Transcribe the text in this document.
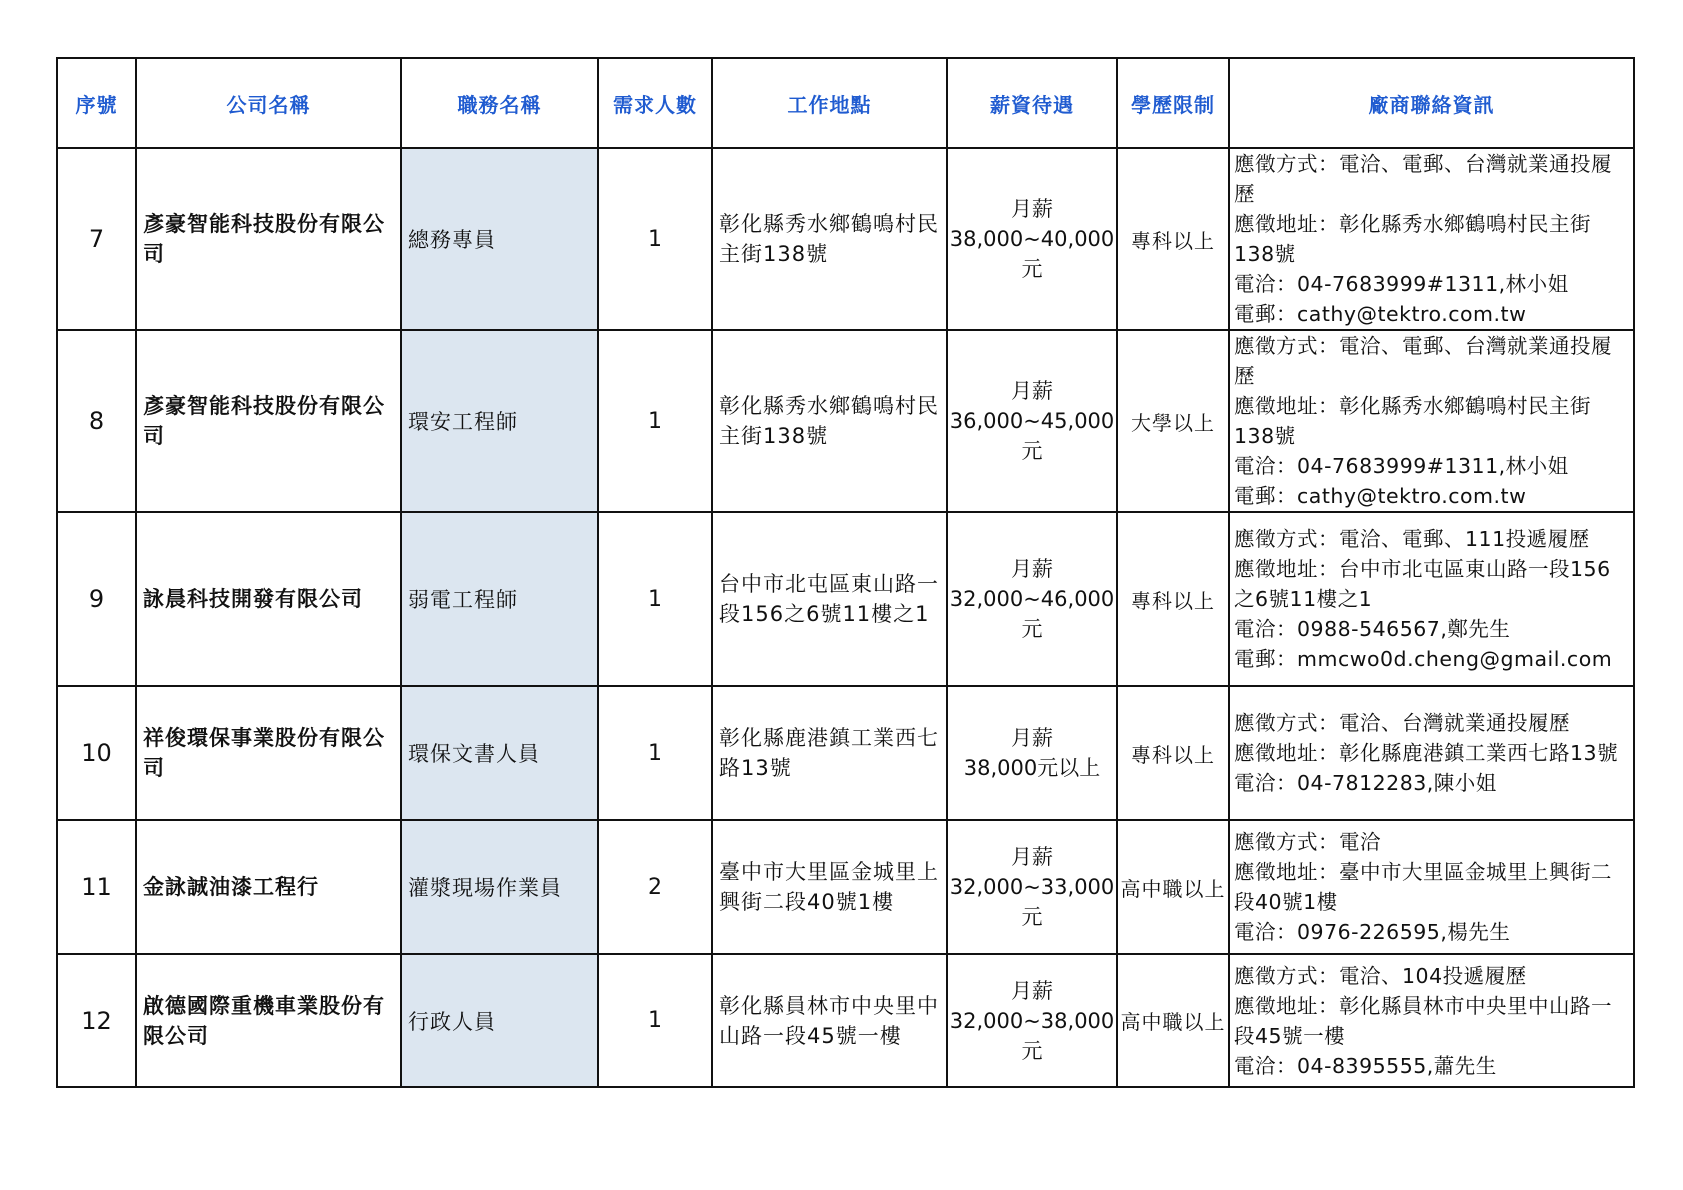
序號	公司名稱	職務名稱	需求人數	工作地點	薪資待遇	學歷限制	廠商聯絡資訊
7	彥豪智能科技股份有限公司	總務專員	1	彰化縣秀水鄉鶴鳴村民主街138號	月薪
38,000~40,000
元	專科以上	應徵方式：電洽、電郵、台灣就業通投履歷
應徵地址：彰化縣秀水鄉鶴鳴村民主街138號
電洽：04-7683999#1311,林小姐
電郵：cathy@tektro.com.tw

8	彥豪智能科技股份有限公司	環安工程師	1	彰化縣秀水鄉鶴鳴村民主街138號	月薪
36,000~45,000
元	大學以上	應徵方式：電洽、電郵、台灣就業通投履歷
應徵地址：彰化縣秀水鄉鶴鳴村民主街138號
電洽：04-7683999#1311,林小姐
電郵：cathy@tektro.com.tw

9	詠晨科技開發有限公司	弱電工程師	1	台中市北屯區東山路一段156之6號11樓之1	月薪
32,000~46,000
元	專科以上	應徵方式：電洽、電郵、111投遞履歷
應徵地址：台中市北屯區東山路一段156之6號11樓之1
電洽：0988-546567,鄭先生
電郵：mmcwo0d.cheng@gmail.com

10	祥俊環保事業股份有限公司	環保文書人員	1	彰化縣鹿港鎮工業西七路13號	月薪
38,000元以上	專科以上	應徵方式：電洽、台灣就業通投履歷
應徵地址：彰化縣鹿港鎮工業西七路13號
電洽：04-7812283,陳小姐

11	金詠誠油漆工程行	灌漿現場作業員	2	臺中市大里區金城里上興街二段40號1樓	月薪
32,000~33,000
元	高中職以上	應徵方式：電洽
應徵地址：臺中市大里區金城里上興街二段40號1樓
電洽：0976-226595,楊先生

12	啟德國際重機車業股份有限公司	行政人員	1	彰化縣員林市中央里中山路一段45號一樓	月薪
32,000~38,000
元	高中職以上	應徵方式：電洽、104投遞履歷
應徵地址：彰化縣員林市中央里中山路一段45號一樓
電洽：04-8395555,蕭先生
